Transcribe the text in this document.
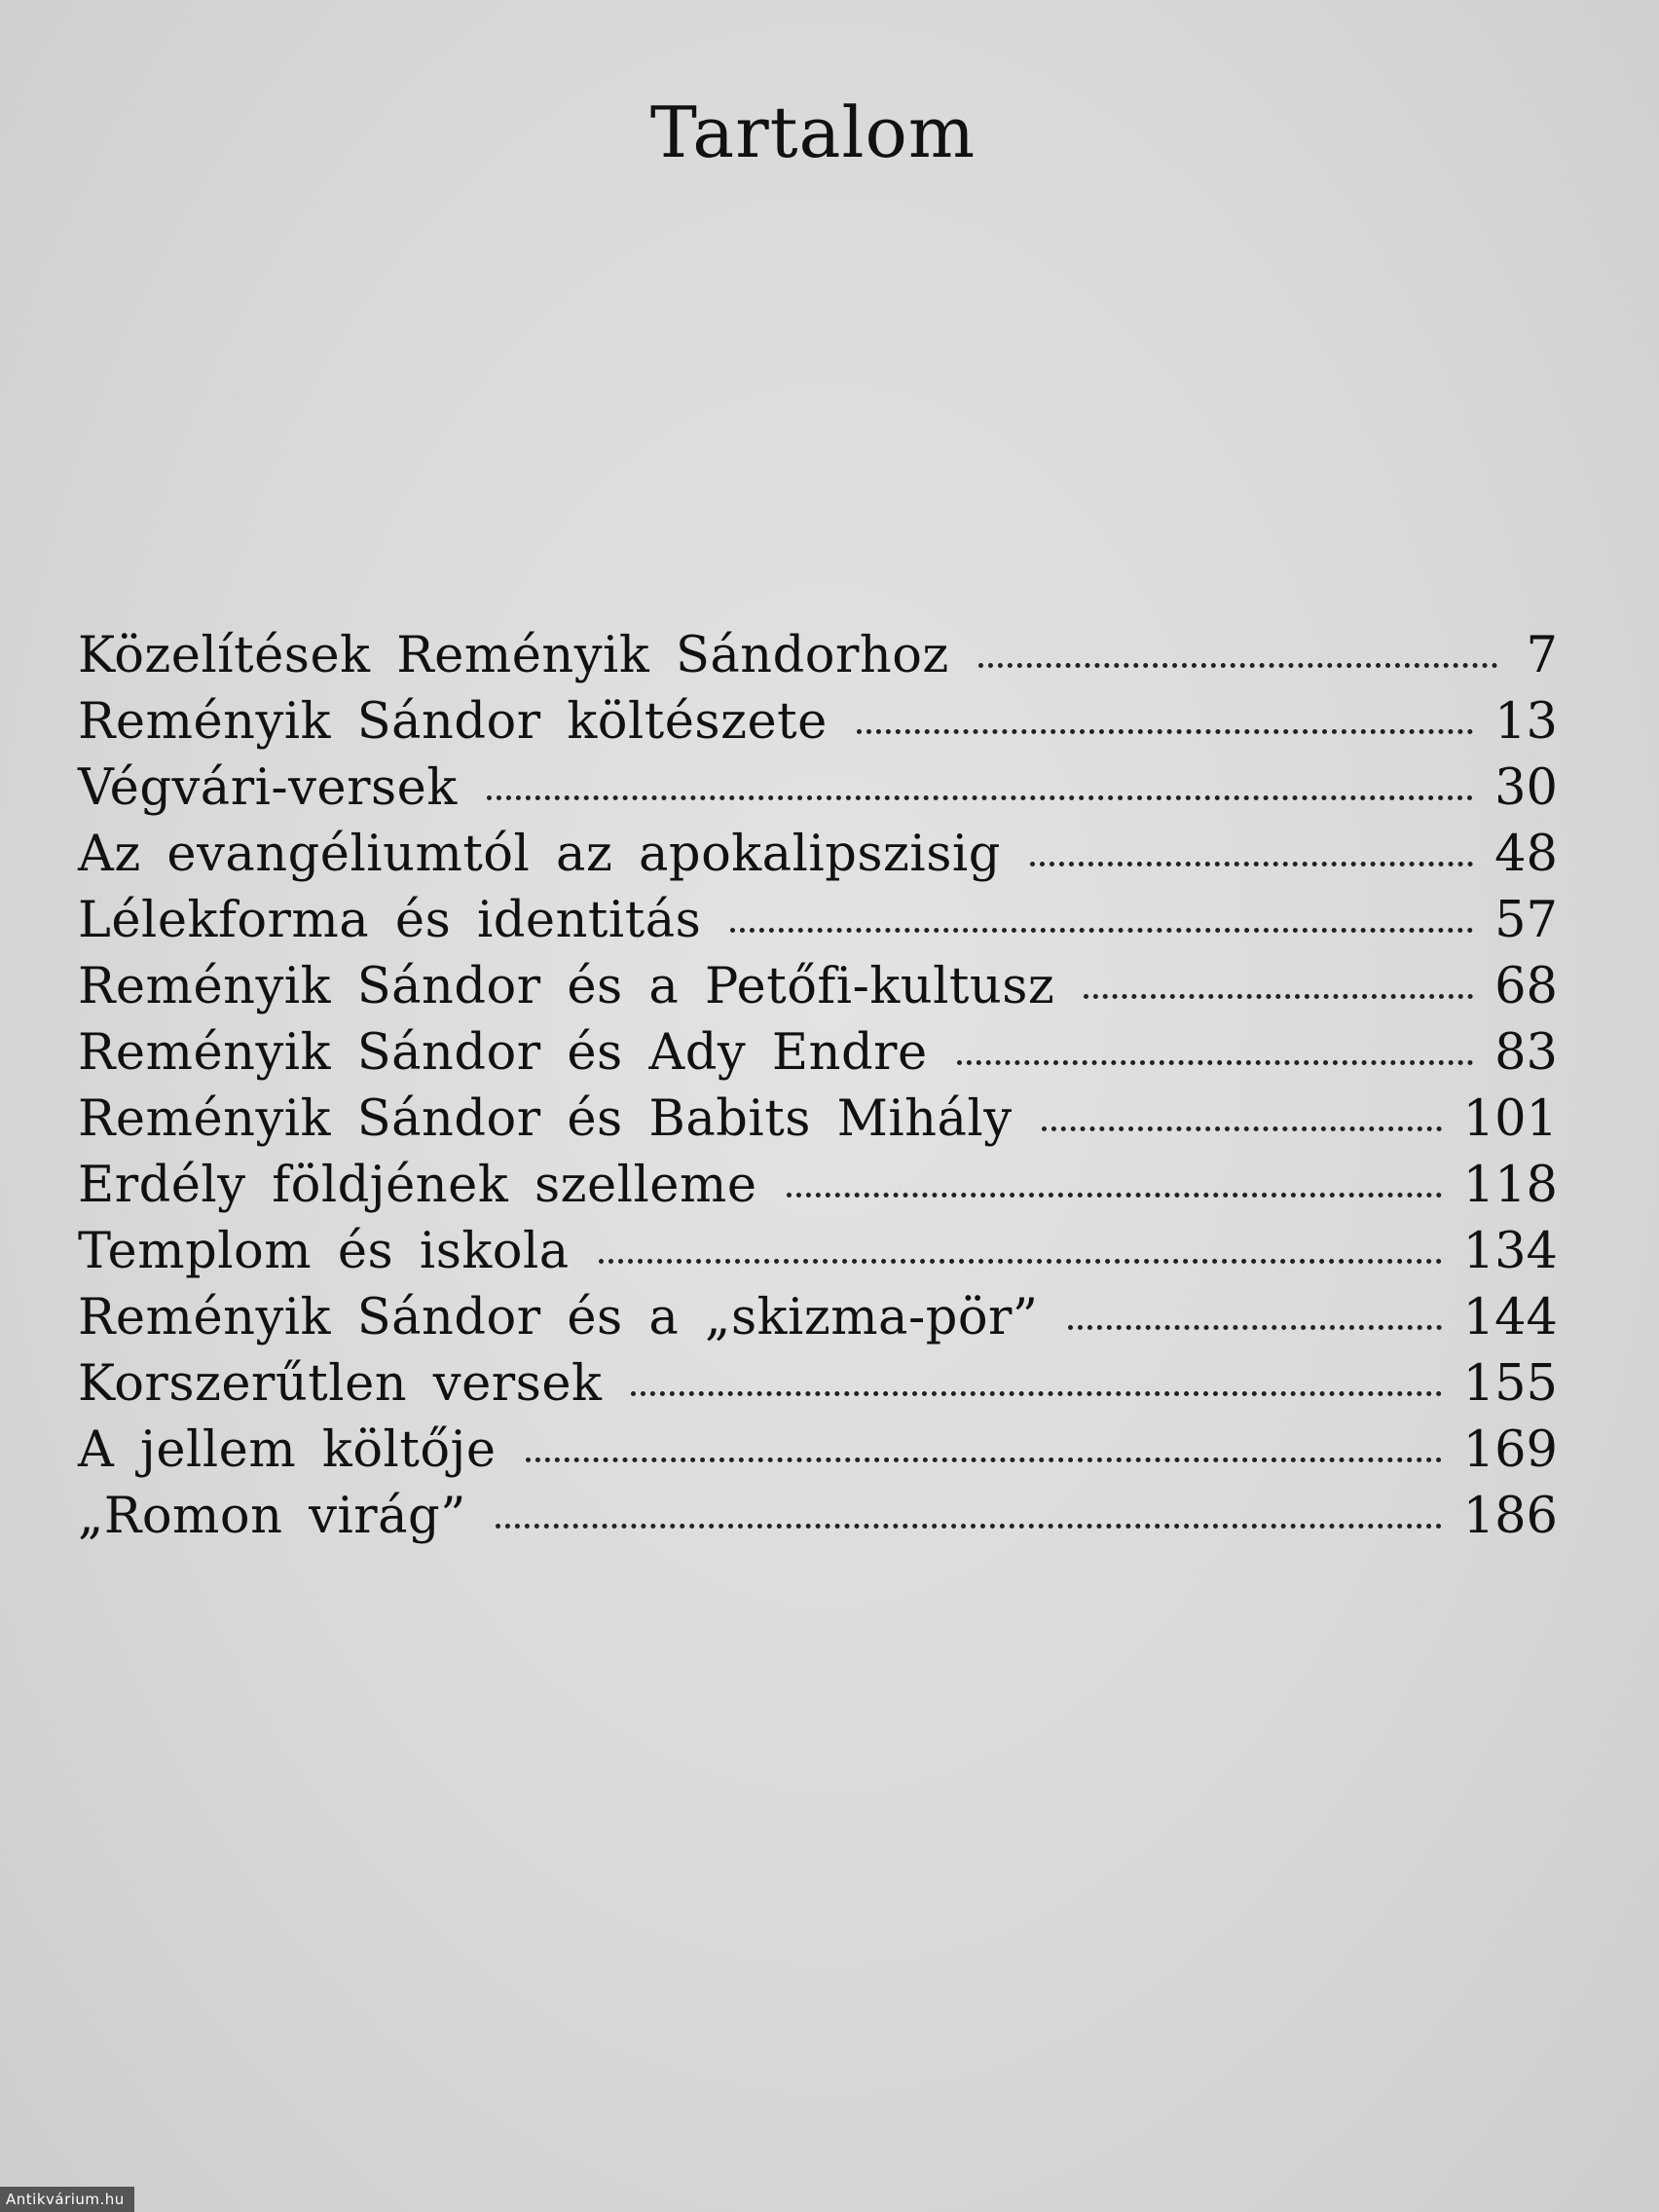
Tartalom
Közelítések Reményik Sándorhoz	7
Reményik Sándor költészete	13
Végvári-versek	30
Az evangéliumtól az apokalipszisig	48
Lélekforma és identitás	57
Reményik Sándor és a Petőfi-kultusz	68
Reményik Sándor és Ady Endre	83
Reményik Sándor és Babits Mihály	101
Erdély földjének szelleme	118
Templom és iskola	134
Reményik Sándor és a „skizma-pör”	144
Korszerűtlen versek	155
A jellem költője	169
„Romon virág”	186
Antikvárium.hu
